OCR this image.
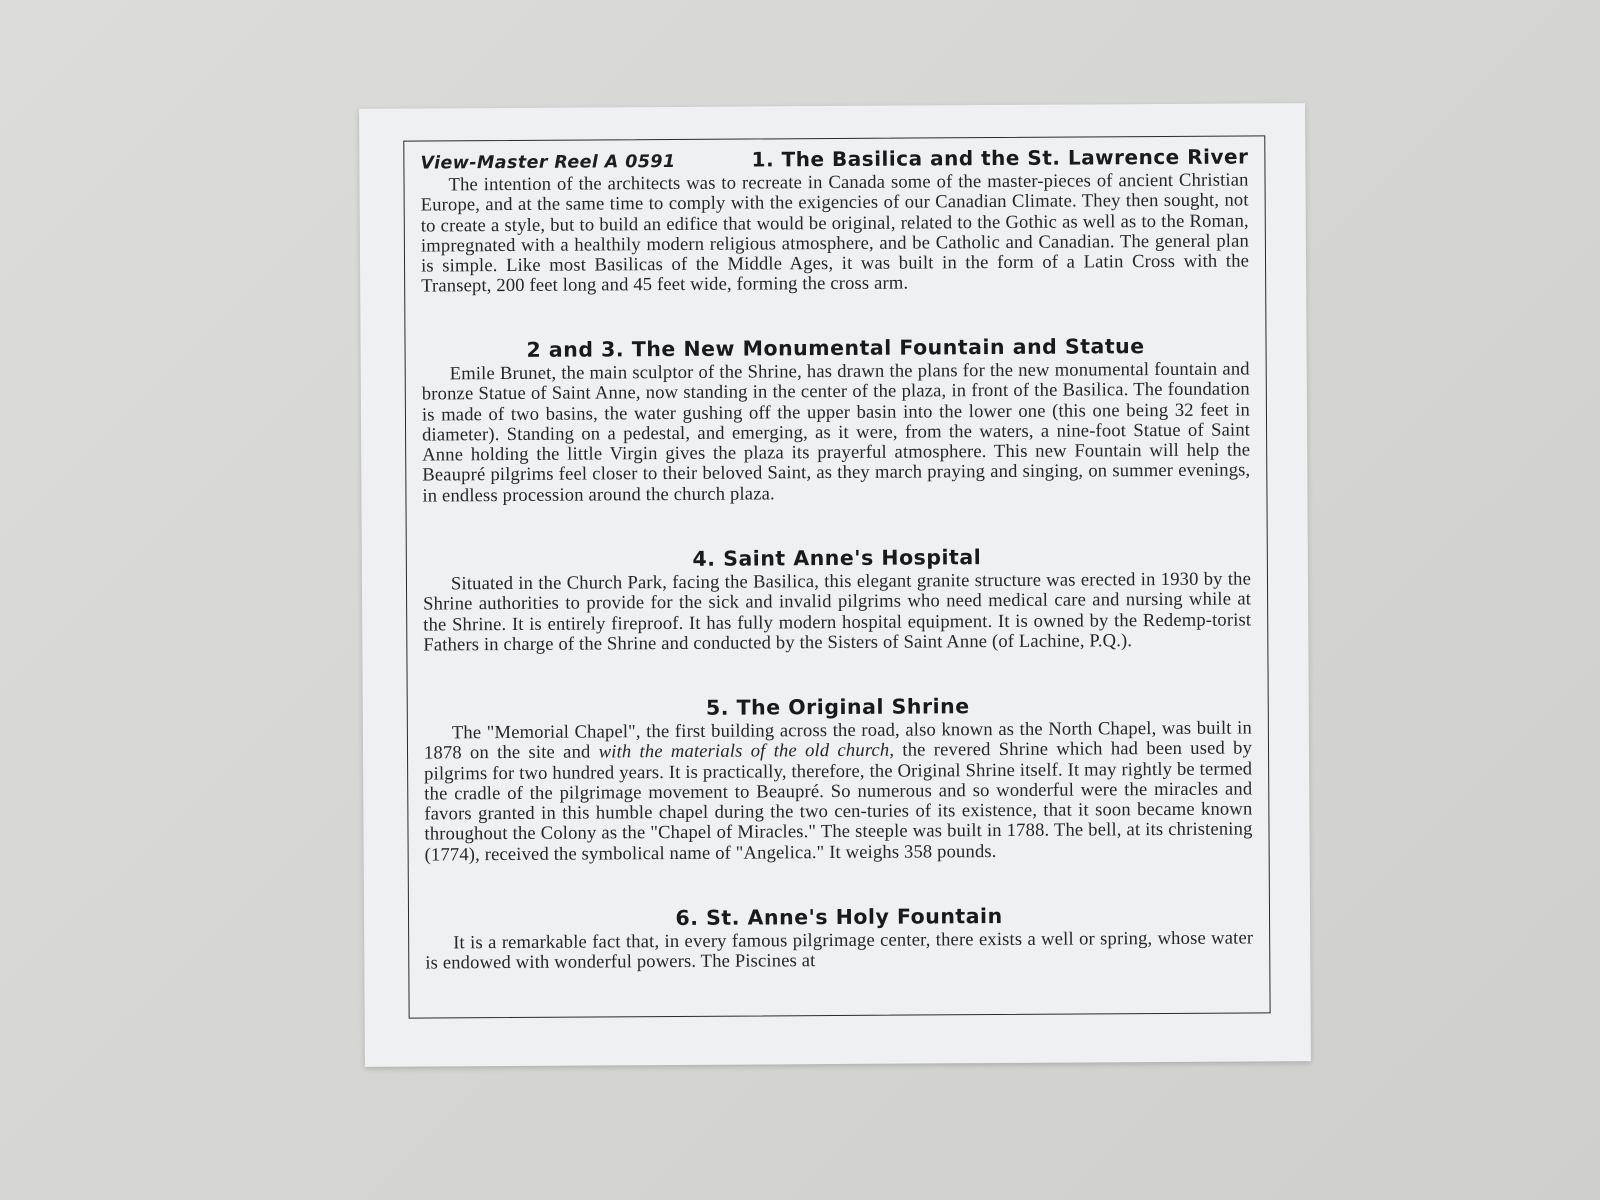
View-Master Reel A 0591	1. The Basilica and the St. Lawrence River

The intention of the architects was to recreate in Canada some of the master-pieces of ancient Christian Europe, and at the same time to comply with the exigencies of our Canadian Climate. They then sought, not to create a style, but to build an edifice that would be original, related to the Gothic as well as to the Roman, impregnated with a healthily modern religious atmosphere, and be Catholic and Canadian. The general plan is simple. Like most Basilicas of the Middle Ages, it was built in the form of a Latin Cross with the Transept, 200 feet long and 45 feet wide, forming the cross arm.

2 and 3. The New Monumental Fountain and Statue

Emile Brunet, the main sculptor of the Shrine, has drawn the plans for the new monumental fountain and bronze Statue of Saint Anne, now standing in the center of the plaza, in front of the Basilica. The foundation is made of two basins, the water gushing off the upper basin into the lower one (this one being 32 feet in diameter). Standing on a pedestal, and emerging, as it were, from the waters, a nine-foot Statue of Saint Anne holding the little Virgin gives the plaza its prayerful atmosphere. This new Fountain will help the Beaupré pilgrims feel closer to their beloved Saint, as they march praying and singing, on summer evenings, in endless procession around the church plaza.

4. Saint Anne's Hospital

Situated in the Church Park, facing the Basilica, this elegant granite structure was erected in 1930 by the Shrine authorities to provide for the sick and invalid pilgrims who need medical care and nursing while at the Shrine. It is entirely fireproof. It has fully modern hospital equipment. It is owned by the Redemp-torist Fathers in charge of the Shrine and conducted by the Sisters of Saint Anne (of Lachine, P.Q.).

5. The Original Shrine

The "Memorial Chapel", the first building across the road, also known as the North Chapel, was built in 1878 on the site and with the materials of the old church, the revered Shrine which had been used by pilgrims for two hundred years. It is practically, therefore, the Original Shrine itself. It may rightly be termed the cradle of the pilgrimage movement to Beaupré. So numerous and so wonderful were the miracles and favors granted in this humble chapel during the two cen-turies of its existence, that it soon became known throughout the Colony as the "Chapel of Miracles." The steeple was built in 1788. The bell, at its christening (1774), received the symbolical name of "Angelica." It weighs 358 pounds.

6. St. Anne's Holy Fountain

It is a remarkable fact that, in every famous pilgrimage center, there exists a well or spring, whose water is endowed with wonderful powers. The Piscines at
